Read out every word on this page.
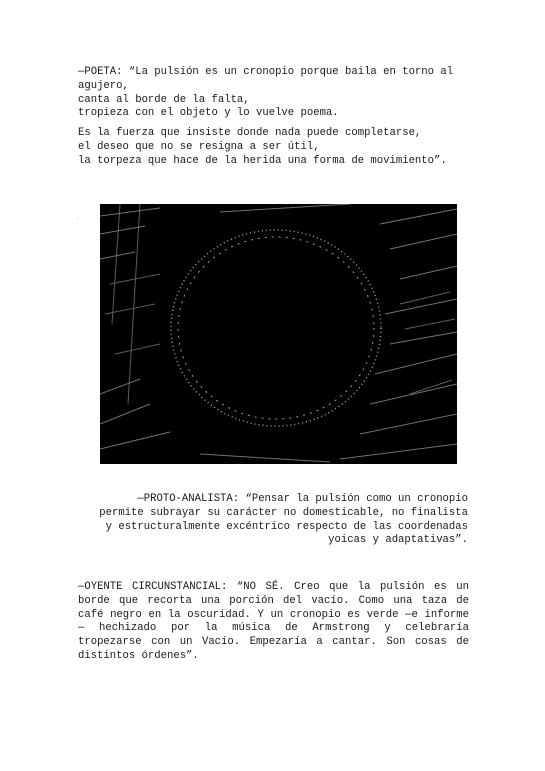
—POETA: “La pulsión es un cronopio porque baila en torno al
agujero,
canta al borde de la falta,
tropieza con el objeto y lo vuelve poema.
Es la fuerza que insiste donde nada puede completarse,
el deseo que no se resigna a ser útil,
la torpeza que hace de la herida una forma de movimiento”.
—PROTO-ANALISTA: “Pensar la pulsión como un cronopio
permite subrayar su carácter no domesticable, no finalista
y estructuralmente excéntrico respecto de las coordenadas
yoicas y adaptativas”.
—OYENTE CIRCUNSTANCIAL: “NO SÉ. Creo que la pulsión es un borde que recorta una porción del vacío. Como una taza de café negro en la oscuridad. Y un cronopio es verde —e informe— hechizado por la música de Armstrong y celebraría tropezarse con un Vacío. Empezaría a cantar. Son cosas de distintos órdenes”.
